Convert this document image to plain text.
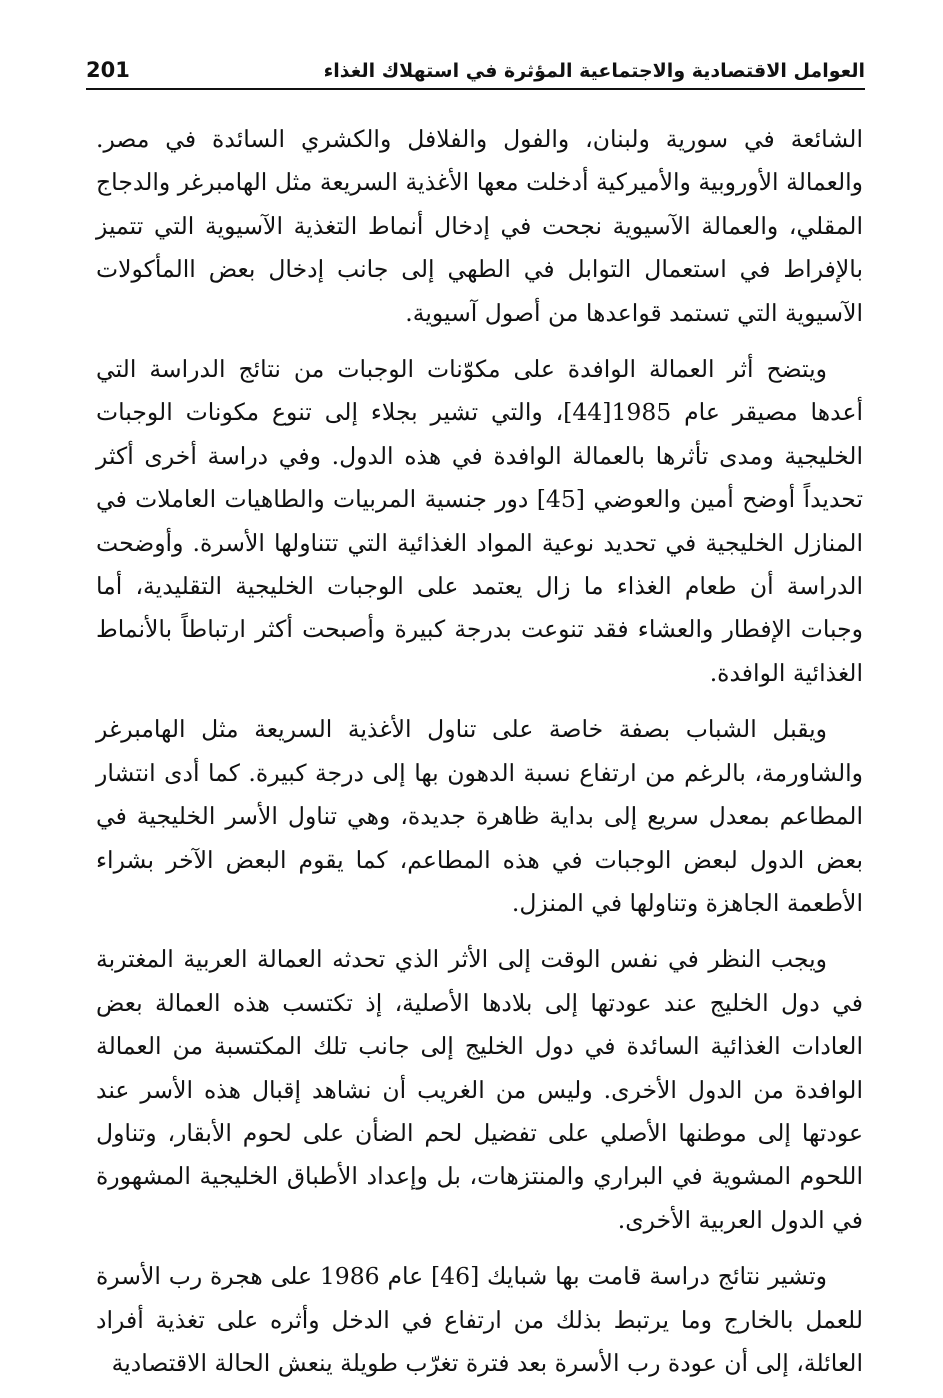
201	العوامل الاقتصادية والاجتماعية المؤثرة في استهلاك الغذاء

الشائعة في سورية ولبنان، والفول والفلافل والكشري السائدة في مصر. والعمالة الأوروبية والأميركية أدخلت معها الأغذية السريعة مثل الهامبرغر والدجاج المقلي، والعمالة الآسيوية نجحت في إدخال أنماط التغذية الآسيوية التي تتميز بالإفراط في استعمال التوابل في الطهي إلى جانب إدخال بعض االمأكولات الآسيوية التي تستمد قواعدها من أصول آسيوية.

ويتضح أثر العمالة الوافدة على مكوّنات الوجبات من نتائج الدراسة التي أعدها مصيقر عام 1985[44]، والتي تشير بجلاء إلى تنوع مكونات الوجبات الخليجية ومدى تأثرها بالعمالة الوافدة في هذه الدول. وفي دراسة أخرى أكثر تحديداً أوضح أمين والعوضي [45] دور جنسية المربيات والطاهيات العاملات في المنازل الخليجية في تحديد نوعية المواد الغذائية التي تتناولها الأسرة. وأوضحت الدراسة أن طعام الغذاء ما زال يعتمد على الوجبات الخليجية التقليدية، أما وجبات الإفطار والعشاء فقد تنوعت بدرجة كبيرة وأصبحت أكثر ارتباطاً بالأنماط الغذائية الوافدة.

ويقبل الشباب بصفة خاصة على تناول الأغذية السريعة مثل الهامبرغر والشاورمة، بالرغم من ارتفاع نسبة الدهون بها إلى درجة كبيرة. كما أدى انتشار المطاعم بمعدل سريع إلى بداية ظاهرة جديدة، وهي تناول الأسر الخليجية في بعض الدول لبعض الوجبات في هذه المطاعم، كما يقوم البعض الآخر بشراء الأطعمة الجاهزة وتناولها في المنزل.

ويجب النظر في نفس الوقت إلى الأثر الذي تحدثه العمالة العربية المغتربة في دول الخليج عند عودتها إلى بلادها الأصلية، إذ تكتسب هذه العمالة بعض العادات الغذائية السائدة في دول الخليج إلى جانب تلك المكتسبة من العمالة الوافدة من الدول الأخرى. وليس من الغريب أن نشاهد إقبال هذه الأسر عند عودتها إلى موطنها الأصلي على تفضيل لحم الضأن على لحوم الأبقار، وتناول اللحوم المشوية في البراري والمنتزهات، بل وإعداد الأطباق الخليجية المشهورة في الدول العربية الأخرى.

وتشير نتائج دراسة قامت بها شبايك [46] عام 1986 على هجرة رب الأسرة للعمل بالخارج وما يرتبط بذلك من ارتفاع في الدخل وأثره على تغذية أفراد العائلة، إلى أن عودة رب الأسرة بعد فترة تغرّب طويلة ينعش الحالة الاقتصادية
